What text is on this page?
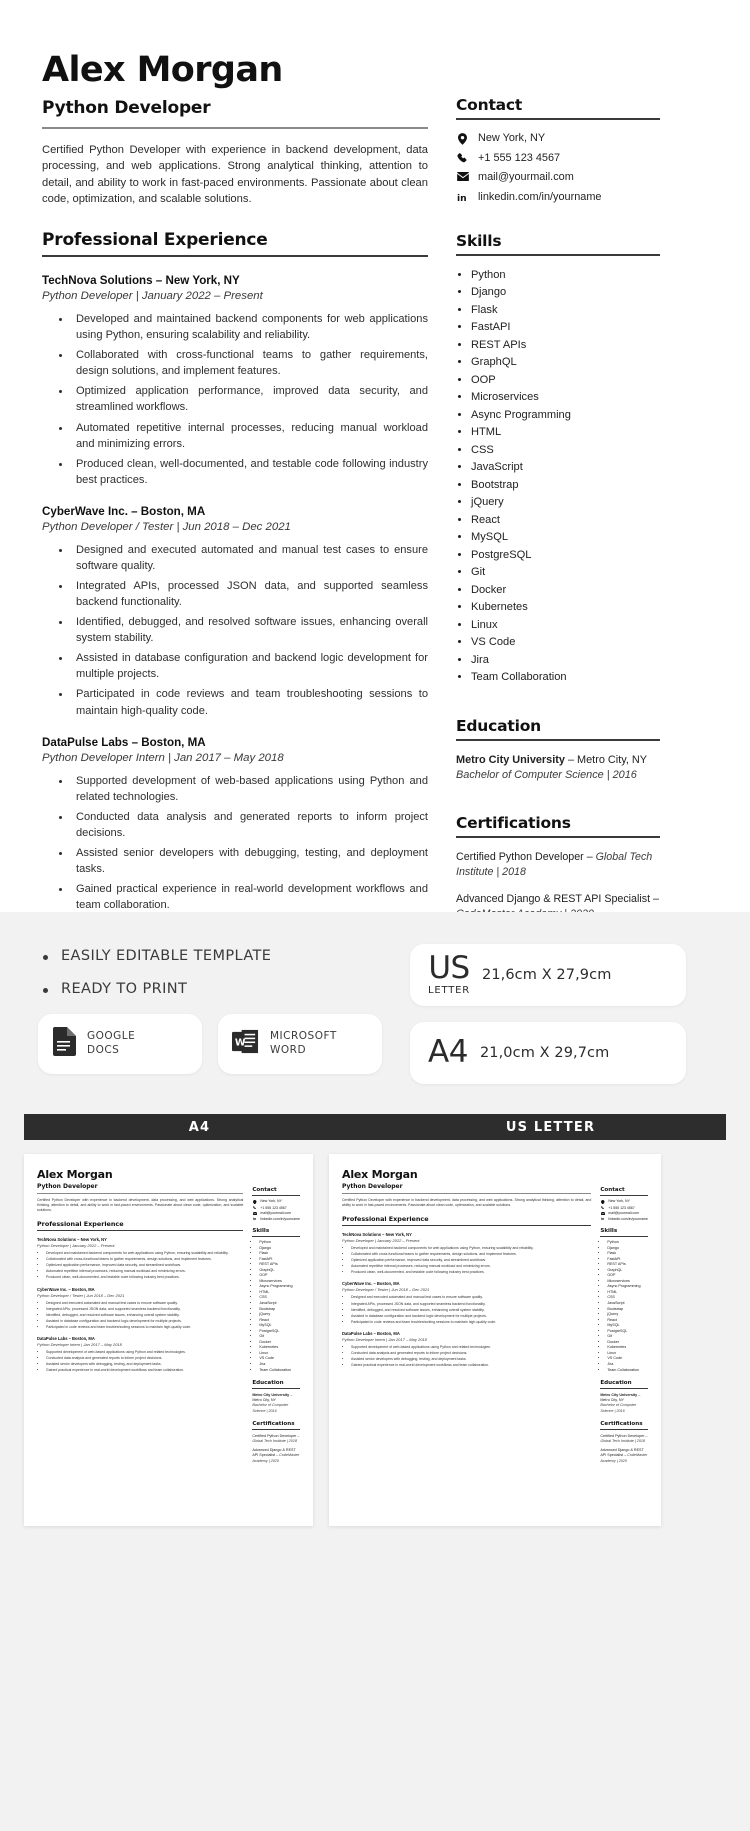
Alex Morgan
Python Developer
Certified Python Developer with experience in backend development, data processing, and web applications. Strong analytical thinking, attention to detail, and ability to work in fast-paced environments. Passionate about clean code, optimization, and scalable solutions.
Professional Experience
TechNova Solutions – New York, NY
Python Developer | January 2022 – Present
• Developed and maintained backend components for web applications using Python, ensuring scalability and reliability.
• Collaborated with cross-functional teams to gather requirements, design solutions, and implement features.
• Optimized application performance, improved data security, and streamlined workflows.
• Automated repetitive internal processes, reducing manual workload and minimizing errors.
• Produced clean, well-documented, and testable code following industry best practices.
CyberWave Inc. – Boston, MA
Python Developer / Tester | Jun 2018 – Dec 2021
• Designed and executed automated and manual test cases to ensure software quality.
• Integrated APIs, processed JSON data, and supported seamless backend functionality.
• Identified, debugged, and resolved software issues, enhancing overall system stability.
• Assisted in database configuration and backend logic development for multiple projects.
• Participated in code reviews and team troubleshooting sessions to maintain high-quality code.
DataPulse Labs – Boston, MA
Python Developer Intern | Jan 2017 – May 2018
• Supported development of web-based applications using Python and related technologies.
• Conducted data analysis and generated reports to inform project decisions.
• Assisted senior developers with debugging, testing, and deployment tasks.
• Gained practical experience in real-world development workflows and team collaboration.
Contact
New York, NY
+1 555 123 4567
mail@yourmail.com
in linkedin.com/in/yourname
Skills
• Python
• Django
• Flask
• FastAPI
• REST APIs
• GraphQL
• OOP
• Microservices
• Async Programming
• HTML
• CSS
• JavaScript
• Bootstrap
• jQuery
• React
• MySQL
• PostgreSQL
• Git
• Docker
• Kubernetes
• Linux
• VS Code
• Jira
• Team Collaboration
Education
Metro City University – Metro City, NY
Bachelor of Computer Science | 2016
Certifications
Certified Python Developer – Global Tech Institute | 2018
Advanced Django & REST API Specialist –
EASILY EDITABLE TEMPLATE
READY TO PRINT
GOOGLE
DOCS
W
MICROSOFT
WORD
US
LETTER
21,6cm X 27,9cm
A4 21,0cm X 29,7cm
A4	US LETTER
Alex Morgan
Python Developer
Certified Python Developer with experience in backend development, data processing, and web applications. Strong analytical thinking, attention to detail, and ability to work in fast-paced environments. Passionate about clean code, optimization, and scalable solutions.
Professional Experience
TechNova Solutions – New York, NY
Python Developer | January 2022 – Present
• Developed and maintained backend components for web applications using Python, ensuring scalability and reliability.
• Collaborated with cross-functional teams to gather requirements, design solutions, and implement features.
• Optimized application performance, improved data security, and streamlined workflows.
• Automated repetitive internal processes, reducing manual workload and minimizing errors.
• Produced clean, well-documented, and testable code following industry best practices.
CyberWave Inc. – Boston, MA
Python Developer / Tester | Jun 2018 – Dec 2021
• Designed and executed automated and manual test cases to ensure software quality.
• Integrated APIs, processed JSON data, and supported seamless backend functionality.
• Identified, debugged, and resolved software issues, enhancing overall system stability.
• Assisted in database configuration and backend logic development for multiple projects.
• Participated in code reviews and team troubleshooting sessions to maintain high-quality code.
DataPulse Labs – Boston, MA
Python Developer Intern | Jan 2017 – May 2018
• Supported development of web-based applications using Python and related technologies.
• Conducted data analysis and generated reports to inform project decisions.
• Assisted senior developers with debugging, testing, and deployment tasks.
• Gained practical experience in real-world development workflows and team collaboration.
Contact
New York, NY
+1 555 123 4567
mail@yourmail.com
in linkedin.com/in/yourname
Skills
• Python
• Django
• Flask
• FastAPI
• REST APIs
• GraphQL
• OOP
• Microservices
• Async Programming
• HTML
• CSS
• JavaScript
• Bootstrap
• jQuery
• React
• MySQL
• PostgreSQL
• Git
• Docker
• Kubernetes
• Linux
• VS Code
• Jira
• Team Collaboration
Education
Metro City University – Metro City, NY
Bachelor of Computer Science | 2016
Certifications
Certified Python Developer – Global Tech Institute | 2018
Advanced Django & REST API Specialist – CodeMaster Academy | 2020
Alex Morgan
Python Developer
Certified Python Developer with experience in backend development, data processing, and web applications. Strong analytical thinking, attention to detail, and ability to work in fast-paced environments. Passionate about clean code, optimization, and scalable solutions.
Professional Experience
TechNova Solutions – New York, NY
Python Developer | January 2022 – Present
• Developed and maintained backend components for web applications using Python, ensuring scalability and reliability.
• Collaborated with cross-functional teams to gather requirements, design solutions, and implement features.
• Optimized application performance, improved data security, and streamlined workflows.
• Automated repetitive internal processes, reducing manual workload and minimizing errors.
• Produced clean, well-documented, and testable code following industry best practices.
CyberWave Inc. – Boston, MA
Python Developer / Tester | Jun 2018 – Dec 2021
• Designed and executed automated and manual test cases to ensure software quality.
• Integrated APIs, processed JSON data, and supported seamless backend functionality.
• Identified, debugged, and resolved software issues, enhancing overall system stability.
• Assisted in database configuration and backend logic development for multiple projects.
• Participated in code reviews and team troubleshooting sessions to maintain high-quality code.
DataPulse Labs – Boston, MA
Python Developer Intern | Jan 2017 – May 2018
• Supported development of web-based applications using Python and related technologies.
• Conducted data analysis and generated reports to inform project decisions.
• Assisted senior developers with debugging, testing, and deployment tasks.
• Gained practical experience in real-world development workflows and team collaboration.
Contact
New York, NY
+1 555 123 4567
mail@yourmail.com
in linkedin.com/in/yourname
Skills
• Python
• Django
• Flask
• FastAPI
• REST APIs
• GraphQL
• OOP
• Microservices
• Async Programming
• HTML
• CSS
• JavaScript
• Bootstrap
• jQuery
• React
• MySQL
• PostgreSQL
• Git
• Docker
• Kubernetes
• Linux
• VS Code
• Jira
• Team Collaboration
Education
Metro City University – Metro City, NY
Bachelor of Computer Science | 2016
Certifications
Certified Python Developer – Global Tech Institute | 2018
Advanced Django & REST API Specialist – CodeMaster Academy | 2020
